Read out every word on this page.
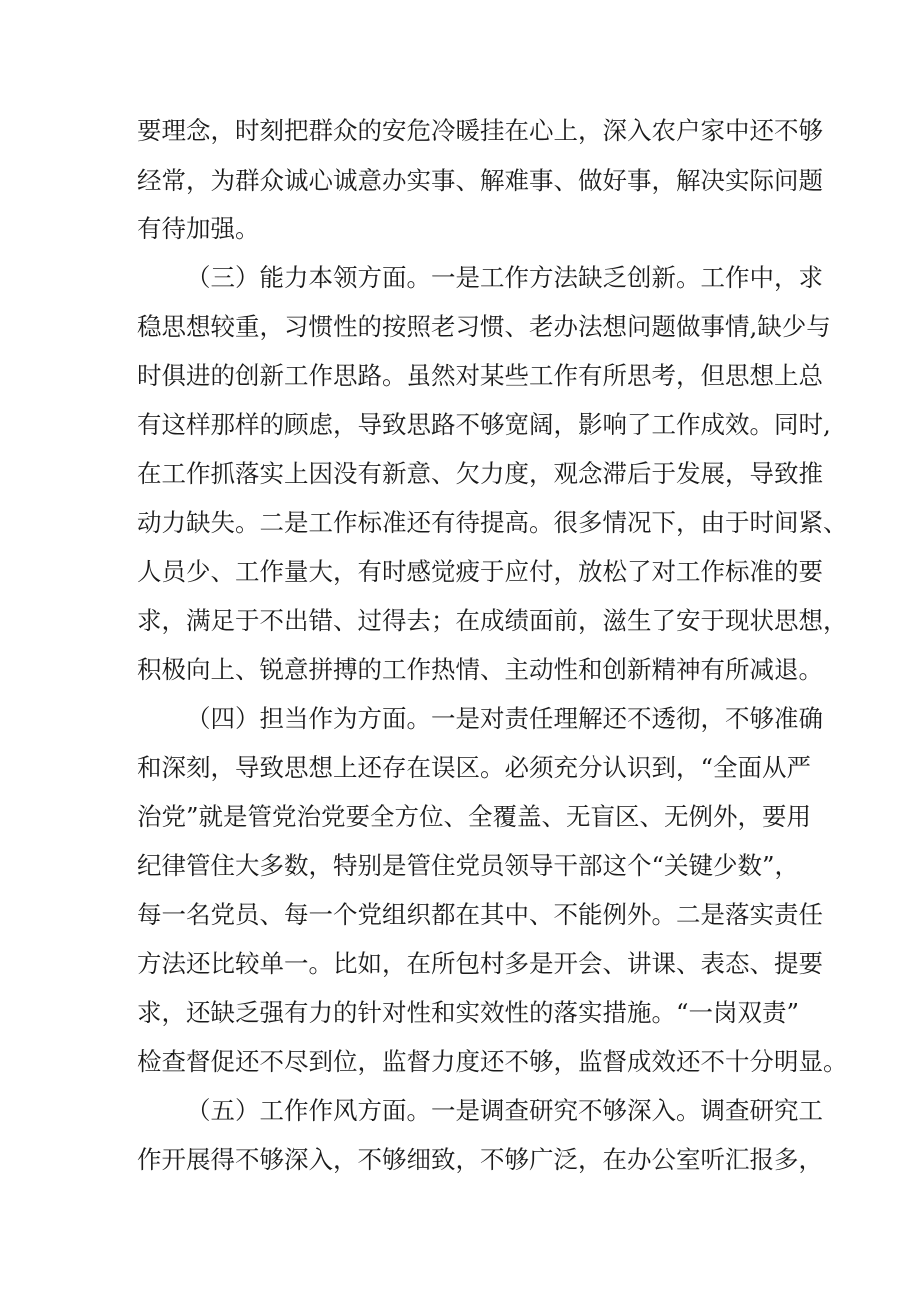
要理念，时刻把群众的安危冷暖挂在心上，深入农户家中还不够
经常，为群众诚心诚意办实事、解难事、做好事，解决实际问题
有待加强。
（三）能力本领方面。一是工作方法缺乏创新。工作中，求
稳思想较重，习惯性的按照老习惯、老办法想问题做事情,缺少与
时俱进的创新工作思路。虽然对某些工作有所思考，但思想上总
有这样那样的顾虑，导致思路不够宽阔，影响了工作成效。同时,
在工作抓落实上因没有新意、欠力度，观念滞后于发展，导致推
动力缺失。二是工作标准还有待提高。很多情况下，由于时间紧、
人员少、工作量大，有时感觉疲于应付，放松了对工作标准的要
求，满足于不出错、过得去；在成绩面前，滋生了安于现状思想，
积极向上、锐意拼搏的工作热情、主动性和创新精神有所减退。
（四）担当作为方面。一是对责任理解还不透彻，不够准确
和深刻，导致思想上还存在误区。必须充分认识到，“全面从严
治党”就是管党治党要全方位、全覆盖、无盲区、无例外，要用
纪律管住大多数，特别是管住党员领导干部这个“关键少数”，
每一名党员、每一个党组织都在其中、不能例外。二是落实责任
方法还比较单一。比如，在所包村多是开会、讲课、表态、提要
求，还缺乏强有力的针对性和实效性的落实措施。“一岗双责”
检查督促还不尽到位，监督力度还不够，监督成效还不十分明显。
（五）工作作风方面。一是调查研究不够深入。调查研究工
作开展得不够深入，不够细致，不够广泛，在办公室听汇报多，
